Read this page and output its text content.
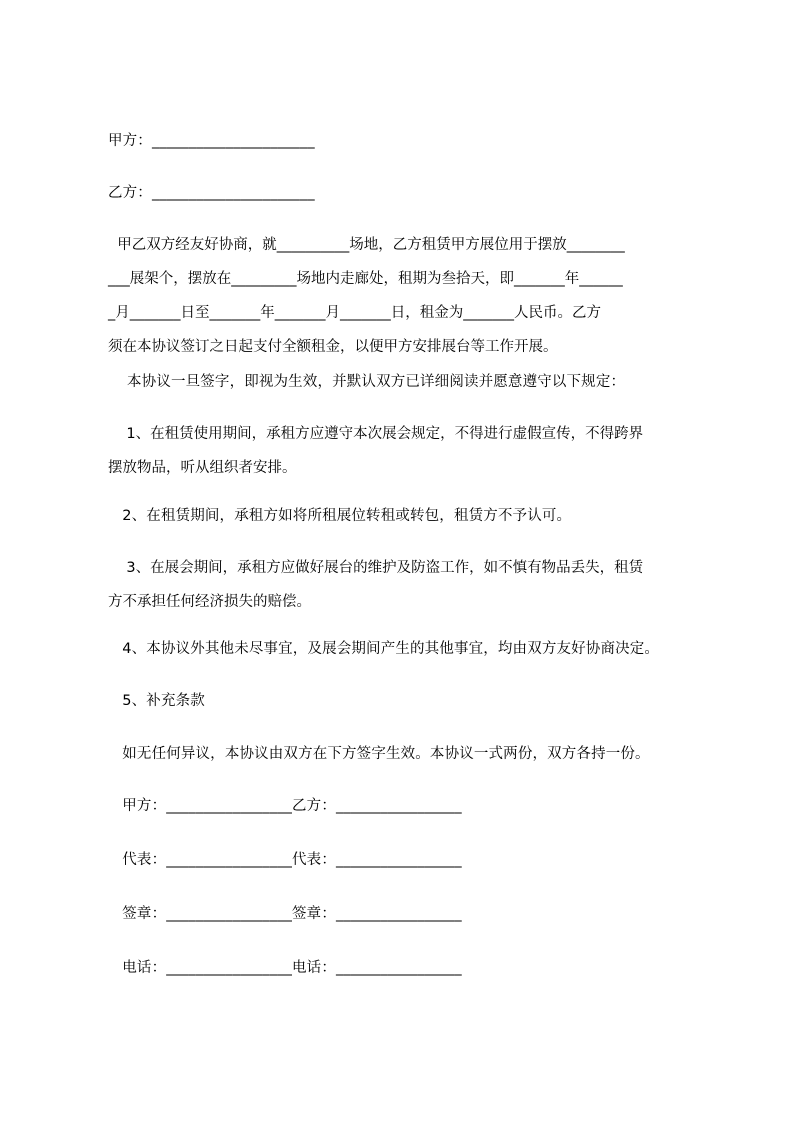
甲方：______________________
乙方：______________________
甲乙双方经友好协商，就__________场地，乙方租赁甲方展位用于摆放________
___展架个，摆放在_________场地内走廊处，租期为叁拾天，即_______年______
_月_______日至_______年_______月_______日，租金为_______人民币。乙方
须在本协议签订之日起支付全额租金，以便甲方安排展台等工作开展。
本协议一旦签字，即视为生效，并默认双方已详细阅读并愿意遵守以下规定：
1、在租赁使用期间，承租方应遵守本次展会规定，不得进行虚假宣传，不得跨界
摆放物品，听从组织者安排。
2、在租赁期间，承租方如将所租展位转租或转包，租赁方不予认可。
3、在展会期间，承租方应做好展台的维护及防盗工作，如不慎有物品丢失，租赁
方不承担任何经济损失的赔偿。
4、本协议外其他未尽事宜，及展会期间产生的其他事宜，均由双方友好协商决定。
5、补充条款
如无任何异议，本协议由双方在下方签字生效。本协议一式两份，双方各持一份。
甲方：_________________乙方：_________________
代表：_________________代表：_________________
签章：_________________签章：_________________
电话：_________________电话：_________________
